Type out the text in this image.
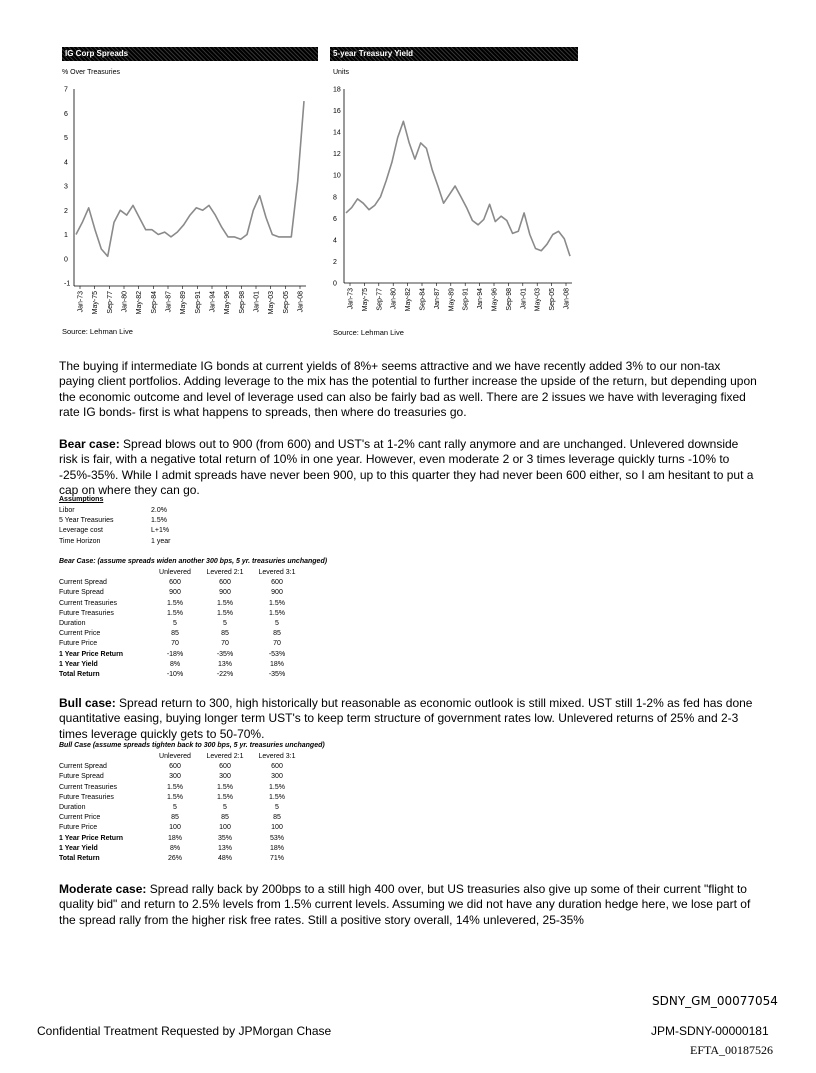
IG Corp Spreads
% Over Treasuries
-1
0
1
2
3
4
5
6
7
Jan-73 May-75 Sep-77 Jan-80 May-82 Sep-84 Jan-87 May-89 Sep-91 Jan-94 May-96 Sep-98 Jan-01 May-03 Sep-05 Jan-08
Source: Lehman Live
5-year Treasury Yield
Units
0
2
4
6
8
10
12
14
16
18
Jan-73 May-75 Sep-77 Jan-80 May-82 Sep-84 Jan-87 May-89 Sep-91 Jan-94 May-96 Sep-98 Jan-01 May-03 Sep-05 Jan-08
Source: Lehman Live

The buying if intermediate IG bonds at current yields of 8%+ seems attractive and we have recently added 3% to our non-tax paying client portfolios. Adding leverage to the mix has the potential to further increase the upside of the return, but depending upon the economic outcome and level of leverage used can also be fairly bad as well. There are 2 issues we have with leveraging fixed rate IG bonds- first is what happens to spreads, then where do treasuries go.

Bear case: Spread blows out to 900 (from 600) and UST's at 1-2% cant rally anymore and are unchanged. Unlevered downside risk is fair, with a negative total return of 10% in one year. However, even moderate 2 or 3 times leverage quickly turns -10% to -25%-35%. While I admit spreads have never been 900, up to this quarter they had never been 600 either, so I am hesitant to put a cap on where they can go.

Assumptions
Libor	2.0%
5 Year Treasuries	1.5%
Leverage cost	L+1%
Time Horizon	1 year
Bear Case: (assume spreads widen another 300 bps, 5 yr. treasuries unchanged)
	Unlevered	Levered 2:1	Levered 3:1
Current Spread	600	600	600
Future Spread	900	900	900
Current Treasuries	1.5%	1.5%	1.5%
Future Treasuries	1.5%	1.5%	1.5%
Duration	5	5	5
Current Price	85	85	85
Future Price	70	70	70
1 Year Price Return	-18%	-35%	-53%
1 Year Yield	8%	13%	18%
Total Return	-10%	-22%	-35%

Bull case: Spread return to 300, high historically but reasonable as economic outlook is still mixed. UST still 1-2% as fed has done quantitative easing, buying longer term UST's to keep term structure of government rates low. Unlevered returns of 25% and 2-3 times leverage quickly gets to 50-70%.

Bull Case (assume spreads tighten back to 300 bps, 5 yr. treasuries unchanged)
	Unlevered	Levered 2:1	Levered 3:1
Current Spread	600	600	600
Future Spread	300	300	300
Current Treasuries	1.5%	1.5%	1.5%
Future Treasuries	1.5%	1.5%	1.5%
Duration	5	5	5
Current Price	85	85	85
Future Price	100	100	100
1 Year Price Return	18%	35%	53%
1 Year Yield	8%	13%	18%
Total Return	26%	48%	71%

Moderate case: Spread rally back by 200bps to a still high 400 over, but US treasuries also give up some of their current "flight to quality bid" and return to 2.5% levels from 1.5% current levels. Assuming we did not have any duration hedge here, we lose part of the spread rally from the higher risk free rates. Still a positive story overall, 14% unlevered, 25-35%

SDNY_GM_00077054
Confidential Treatment Requested by JPMorgan Chase	JPM-SDNY-00000181
EFTA_00187526
